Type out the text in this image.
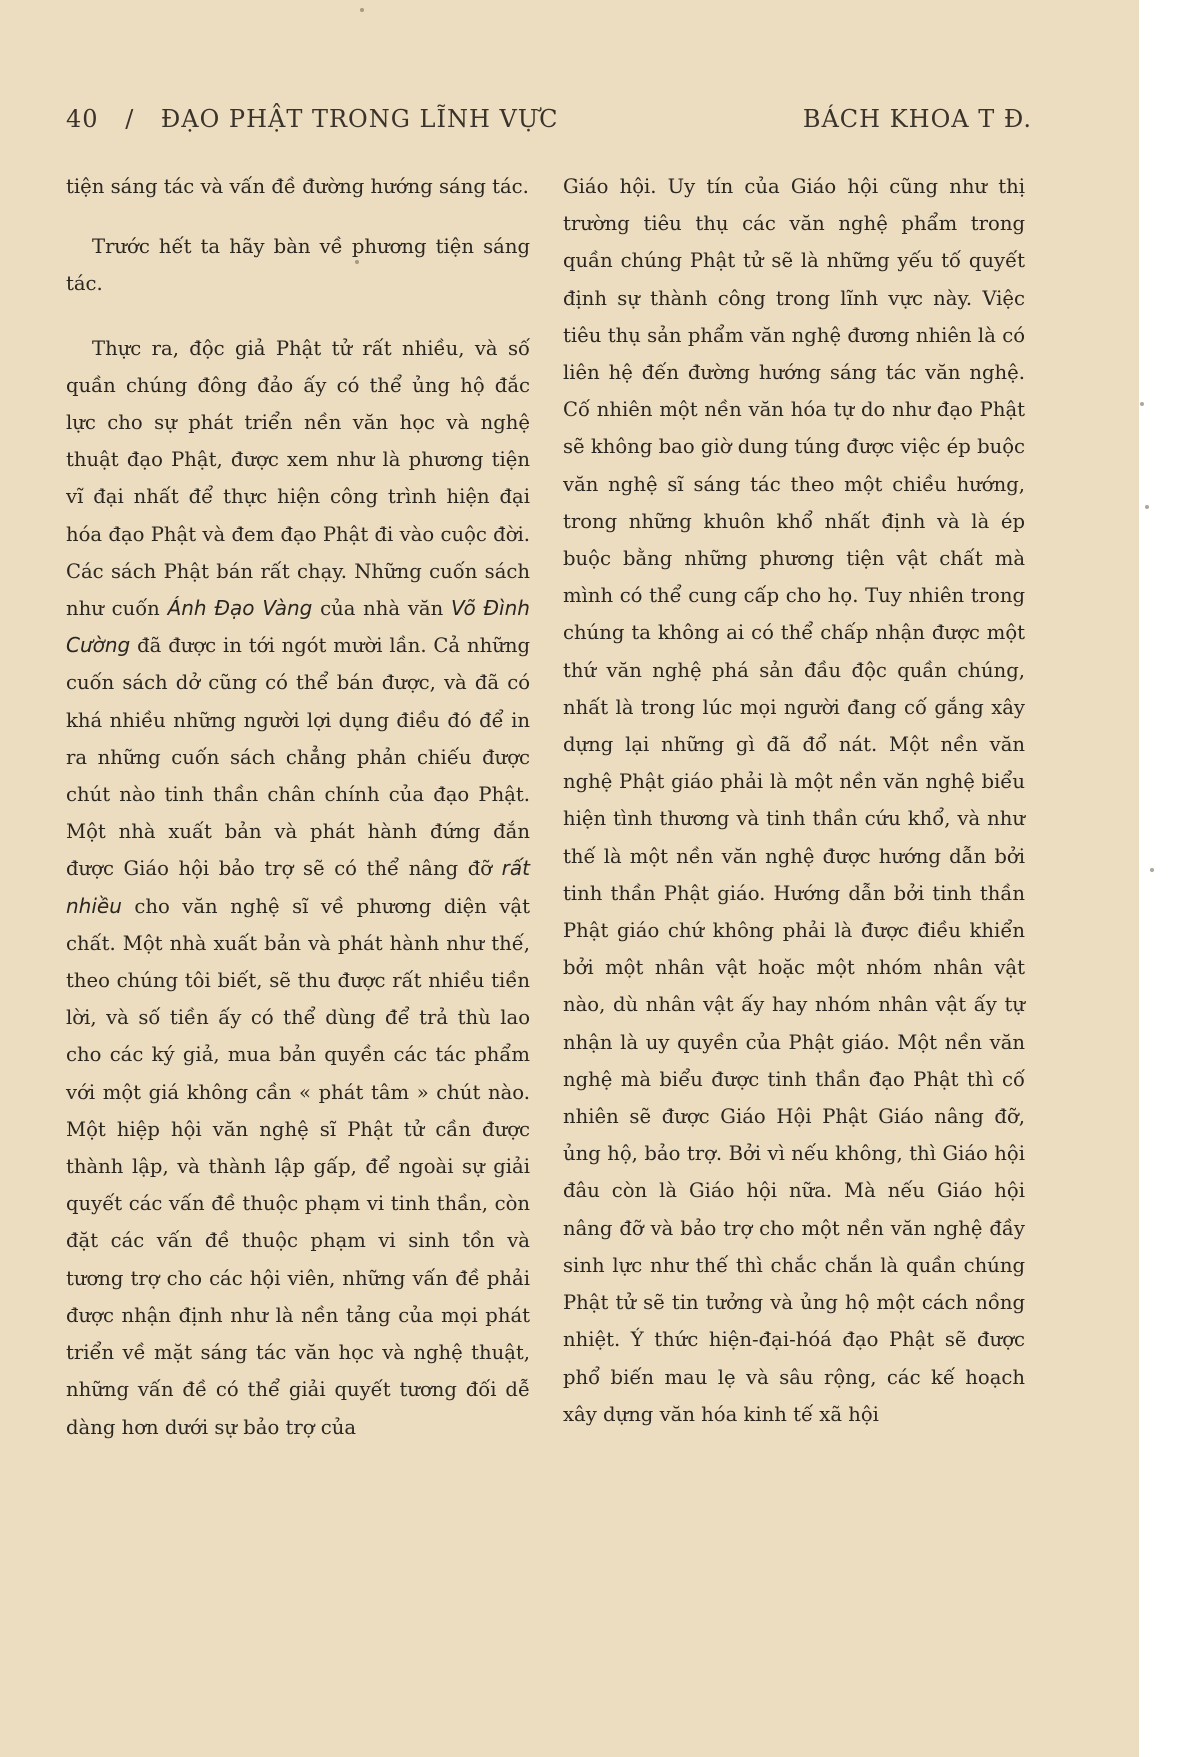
40 / ĐẠO PHẬT TRONG LĨNH VỰC	BÁCH KHOA T Đ.

tiện sáng tác và vấn đề đường hướng sáng tác.

Trước hết ta hãy bàn về phương tiện sáng tác.

Thực ra, độc giả Phật tử rất nhiều, và số quần chúng đông đảo ấy có thể ủng hộ đắc lực cho sự phát triển nền văn học và nghệ thuật đạo Phật, được xem như là phương tiện vĩ đại nhất để thực hiện công trình hiện đại hóa đạo Phật và đem đạo Phật đi vào cuộc đời. Các sách Phật bán rất chạy. Những cuốn sách như cuốn Ánh Đạo Vàng của nhà văn Võ Đình Cường đã được in tới ngót mười lần. Cả những cuốn sách dở cũng có thể bán được, và đã có khá nhiều những người lợi dụng điều đó để in ra những cuốn sách chẳng phản chiếu được chút nào tinh thần chân chính của đạo Phật. Một nhà xuất bản và phát hành đứng đắn được Giáo hội bảo trợ sẽ có thể nâng đỡ rất nhiều cho văn nghệ sĩ về phương diện vật chất. Một nhà xuất bản và phát hành như thế, theo chúng tôi biết, sẽ thu được rất nhiều tiền lời, và số tiền ấy có thể dùng để trả thù lao cho các ký giả, mua bản quyền các tác phẩm với một giá không cần « phát tâm » chút nào. Một hiệp hội văn nghệ sĩ Phật tử cần được thành lập, và thành lập gấp, để ngoài sự giải quyết các vấn đề thuộc phạm vi tinh thần, còn đặt các vấn đề thuộc phạm vi sinh tồn và tương trợ cho các hội viên, những vấn đề phải được nhận định như là nền tảng của mọi phát triển về mặt sáng tác văn học và nghệ thuật, những vấn đề có thể giải quyết tương đối dễ dàng hơn dưới sự bảo trợ của

Giáo hội. Uy tín của Giáo hội cũng như thị trường tiêu thụ các văn nghệ phẩm trong quần chúng Phật tử sẽ là những yếu tố quyết định sự thành công trong lĩnh vực này. Việc tiêu thụ sản phẩm văn nghệ đương nhiên là có liên hệ đến đường hướng sáng tác văn nghệ. Cố nhiên một nền văn hóa tự do như đạo Phật sẽ không bao giờ dung túng được việc ép buộc văn nghệ sĩ sáng tác theo một chiều hướng, trong những khuôn khổ nhất định và là ép buộc bằng những phương tiện vật chất mà mình có thể cung cấp cho họ. Tuy nhiên trong chúng ta không ai có thể chấp nhận được một thứ văn nghệ phá sản đầu độc quần chúng, nhất là trong lúc mọi người đang cố gắng xây dựng lại những gì đã đổ nát. Một nền văn nghệ Phật giáo phải là một nền văn nghệ biểu hiện tình thương và tinh thần cứu khổ, và như thế là một nền văn nghệ được hướng dẫn bởi tinh thần Phật giáo. Hướng dẫn bởi tinh thần Phật giáo chứ không phải là được điều khiển bởi một nhân vật hoặc một nhóm nhân vật nào, dù nhân vật ấy hay nhóm nhân vật ấy tự nhận là uy quyền của Phật giáo. Một nền văn nghệ mà biểu được tinh thần đạo Phật thì cố nhiên sẽ được Giáo Hội Phật Giáo nâng đỡ, ủng hộ, bảo trợ. Bởi vì nếu không, thì Giáo hội đâu còn là Giáo hội nữa. Mà nếu Giáo hội nâng đỡ và bảo trợ cho một nền văn nghệ đầy sinh lực như thế thì chắc chắn là quần chúng Phật tử sẽ tin tưởng và ủng hộ một cách nồng nhiệt. Ý thức hiện-đại-hóá đạo Phật sẽ được phổ biến mau lẹ và sâu rộng, các kế hoạch xây dựng văn hóa kinh tế xã hội
